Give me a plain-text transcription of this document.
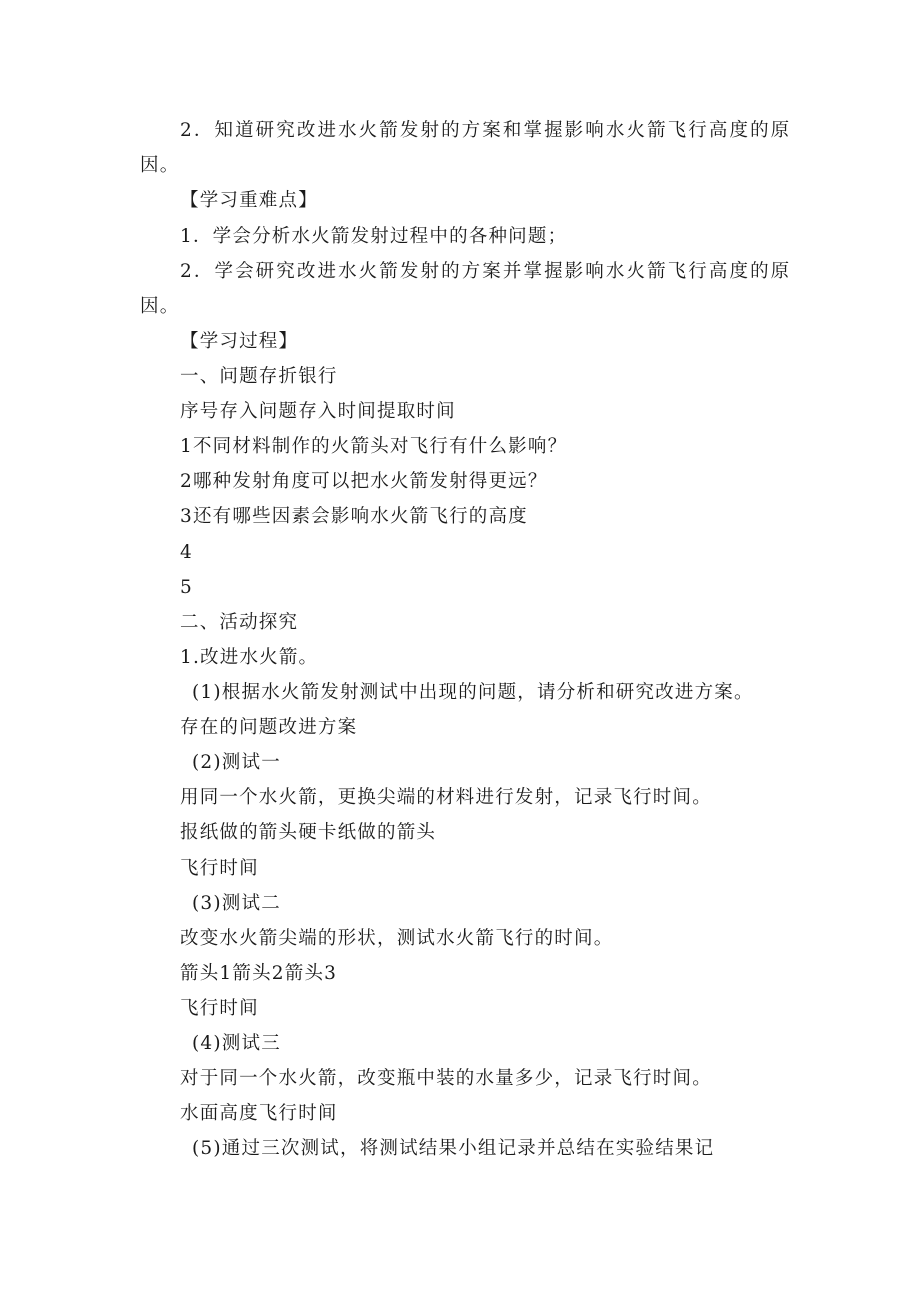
2．知道研究改进水火箭发射的方案和掌握影响水火箭飞行高度的原
因。
【学习重难点】
1．学会分析水火箭发射过程中的各种问题；
2．学会研究改进水火箭发射的方案并掌握影响水火箭飞行高度的原
因。
【学习过程】
一、问题存折银行
序号存入问题存入时间提取时间
1不同材料制作的火箭头对飞行有什么影响？
2哪种发射角度可以把水火箭发射得更远？
3还有哪些因素会影响水火箭飞行的高度
4
5
二、活动探究
1.改进水火箭。
(1)根据水火箭发射测试中出现的问题，请分析和研究改进方案。
存在的问题改进方案
(2)测试一
用同一个水火箭，更换尖端的材料进行发射，记录飞行时间。
报纸做的箭头硬卡纸做的箭头
飞行时间
(3)测试二
改变水火箭尖端的形状，测试水火箭飞行的时间。
箭头1箭头2箭头3
飞行时间
(4)测试三
对于同一个水火箭，改变瓶中装的水量多少，记录飞行时间。
水面高度飞行时间
(5)通过三次测试，将测试结果小组记录并总结在实验结果记
